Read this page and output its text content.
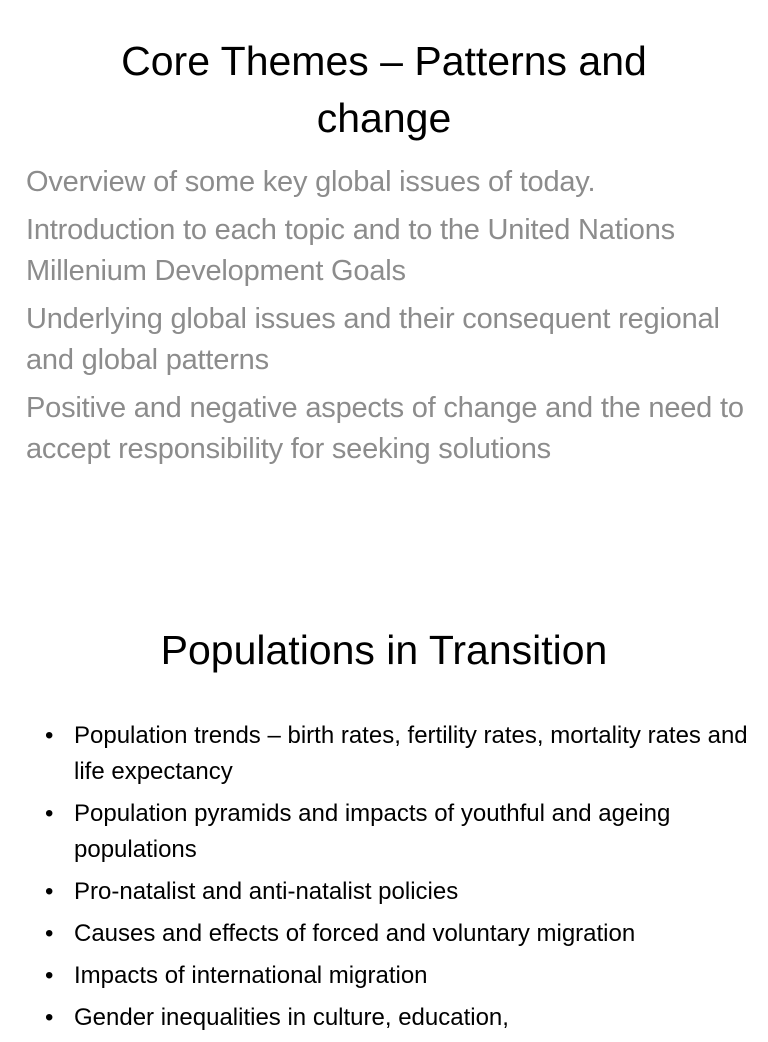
Core Themes – Patterns and
change
Overview of some key global issues of today.
Introduction to each topic and to the United Nations Millenium Development Goals
Underlying global issues and their consequent regional and global patterns
Positive and negative aspects of change and the need to accept responsibility for seeking solutions
Populations in Transition
• Population trends – birth rates, fertility rates, mortality rates and life expectancy
• Population pyramids and impacts of youthful and ageing populations
• Pro-natalist and anti-natalist policies
• Causes and effects of forced and voluntary migration
• Impacts of international migration
• Gender inequalities in culture, education,
